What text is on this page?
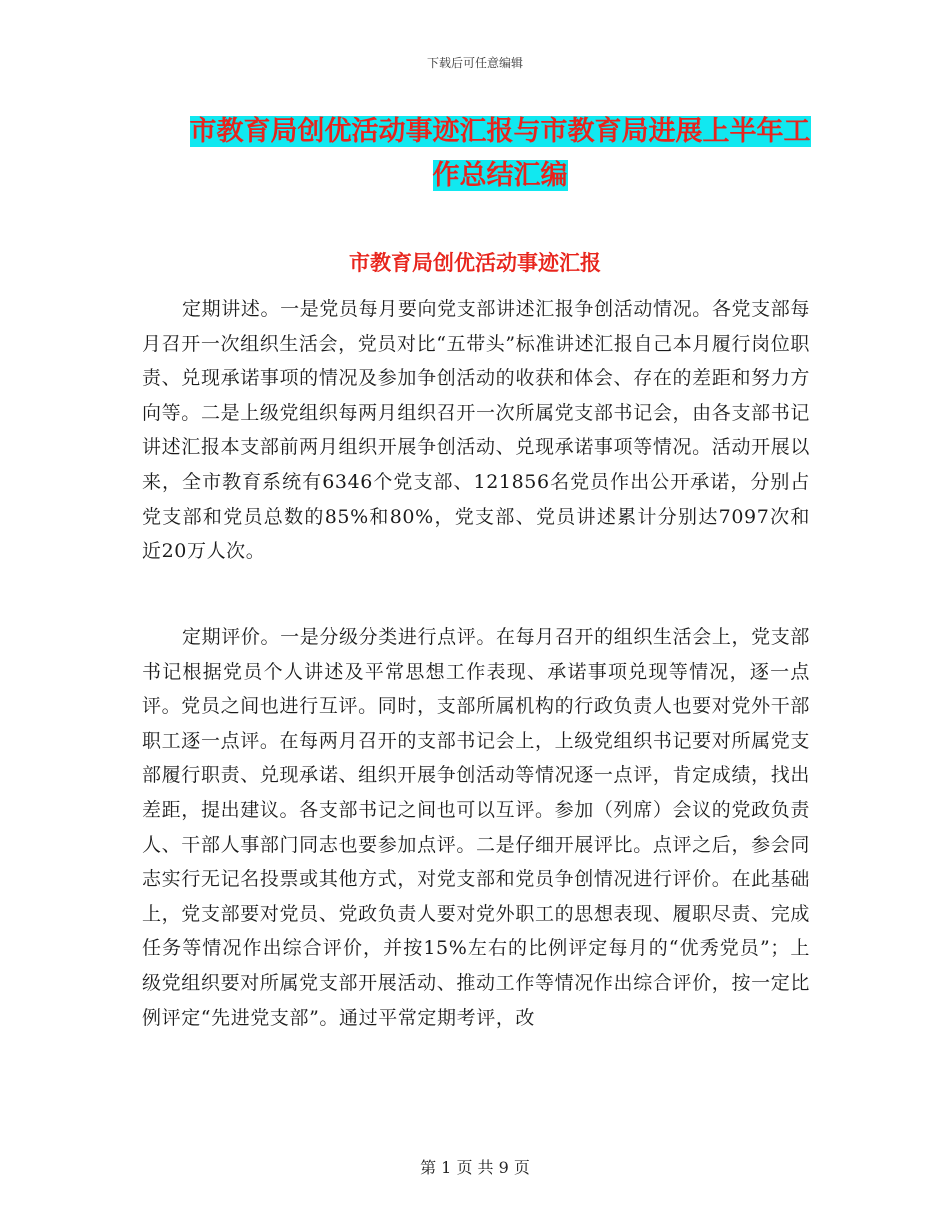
下载后可任意编辑
市教育局创优活动事迹汇报与市教育局进展上半年工
作总结汇编
市教育局创优活动事迹汇报

定期讲述。一是党员每月要向党支部讲述汇报争创活动情况。各党支部每月召开一次组织生活会，党员对比“五带头”标准讲述汇报自己本月履行岗位职责、兑现承诺事项的情况及参加争创活动的收获和体会、存在的差距和努力方向等。二是上级党组织每两月组织召开一次所属党支部书记会，由各支部书记讲述汇报本支部前两月组织开展争创活动、兑现承诺事项等情况。活动开展以来，全市教育系统有6346个党支部、121856名党员作出公开承诺，分别占党支部和党员总数的85%和80%，党支部、党员讲述累计分别达7097次和近20万人次。

定期评价。一是分级分类进行点评。在每月召开的组织生活会上，党支部书记根据党员个人讲述及平常思想工作表现、承诺事项兑现等情况，逐一点评。党员之间也进行互评。同时，支部所属机构的行政负责人也要对党外干部职工逐一点评。在每两月召开的支部书记会上，上级党组织书记要对所属党支部履行职责、兑现承诺、组织开展争创活动等情况逐一点评，肯定成绩，找出差距，提出建议。各支部书记之间也可以互评。参加（列席）会议的党政负责人、干部人事部门同志也要参加点评。二是仔细开展评比。点评之后，参会同志实行无记名投票或其他方式，对党支部和党员争创情况进行评价。在此基础上，党支部要对党员、党政负责人要对党外职工的思想表现、履职尽责、完成任务等情况作出综合评价，并按15%左右的比例评定每月的“优秀党员”；上级党组织要对所属党支部开展活动、推动工作等情况作出综合评价，按一定比例评定“先进党支部”。通过平常定期考评，改

第 1 页 共 9 页
